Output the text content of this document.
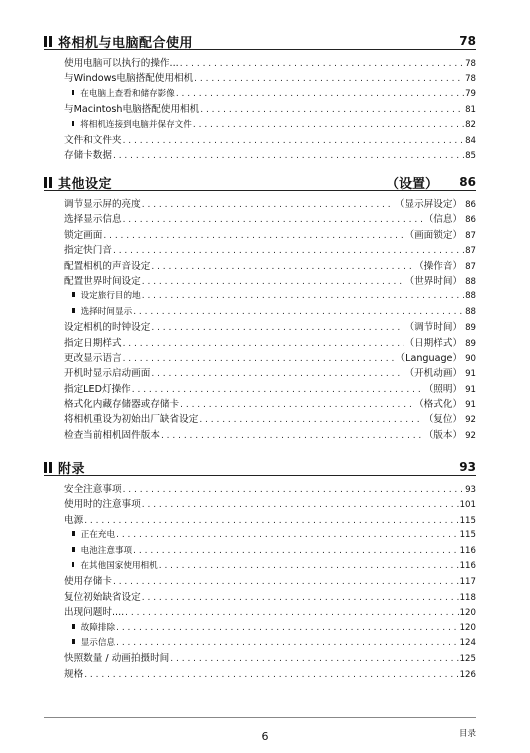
将相机与电脑配合使用	78
使用电脑可以执行的操作... . . .	78
与Windows电脑搭配使用相机 . . .	78
在电脑上查看和储存影像 . . .	79
与Macintosh电脑搭配使用相机 . . .	81
将相机连接到电脑并保存文件 . . .	82
文件和文件夹 . . .	84
存储卡数据 . . .	85
其他设定	（设置） 86
调节显示屏的亮度 . . .	（显示屏设定） 86
选择显示信息 . . .	（信息） 86
锁定画面 . . .	（画面锁定） 87
指定快门音 . . .	87
配置相机的声音设定 . . .	（操作音） 87
配置世界时间设定 . . .	（世界时间） 88
设定旅行目的地 . . .	88
选择时间显示 . . .	88
设定相机的时钟设定 . . .	（调节时间） 89
指定日期样式 . . .	（日期样式） 89
更改显示语言 . . .	（Language） 90
开机时显示启动画面 . . .	（开机动画） 91
指定LED灯操作 . . .	（照明） 91
格式化内藏存储器或存储卡 . . .	（格式化） 91
将相机重设为初始出厂缺省设定 . . .	（复位） 92
检查当前相机固件版本 . . .	（版本） 92
附录	93
安全注意事项 . . .	93
使用时的注意事项 . . .	101
电源 . . .	115
正在充电 . . .	115
电池注意事项 . . .	116
在其他国家使用相机 . . .	116
使用存储卡 . . .	117
复位初始缺省设定 . . .	118
出现问题时.... . . .	120
故障排除 . . .	120
显示信息 . . .	124
快照数量 / 动画拍摄时间 . . .	125
规格 . . .	126
6	目录
